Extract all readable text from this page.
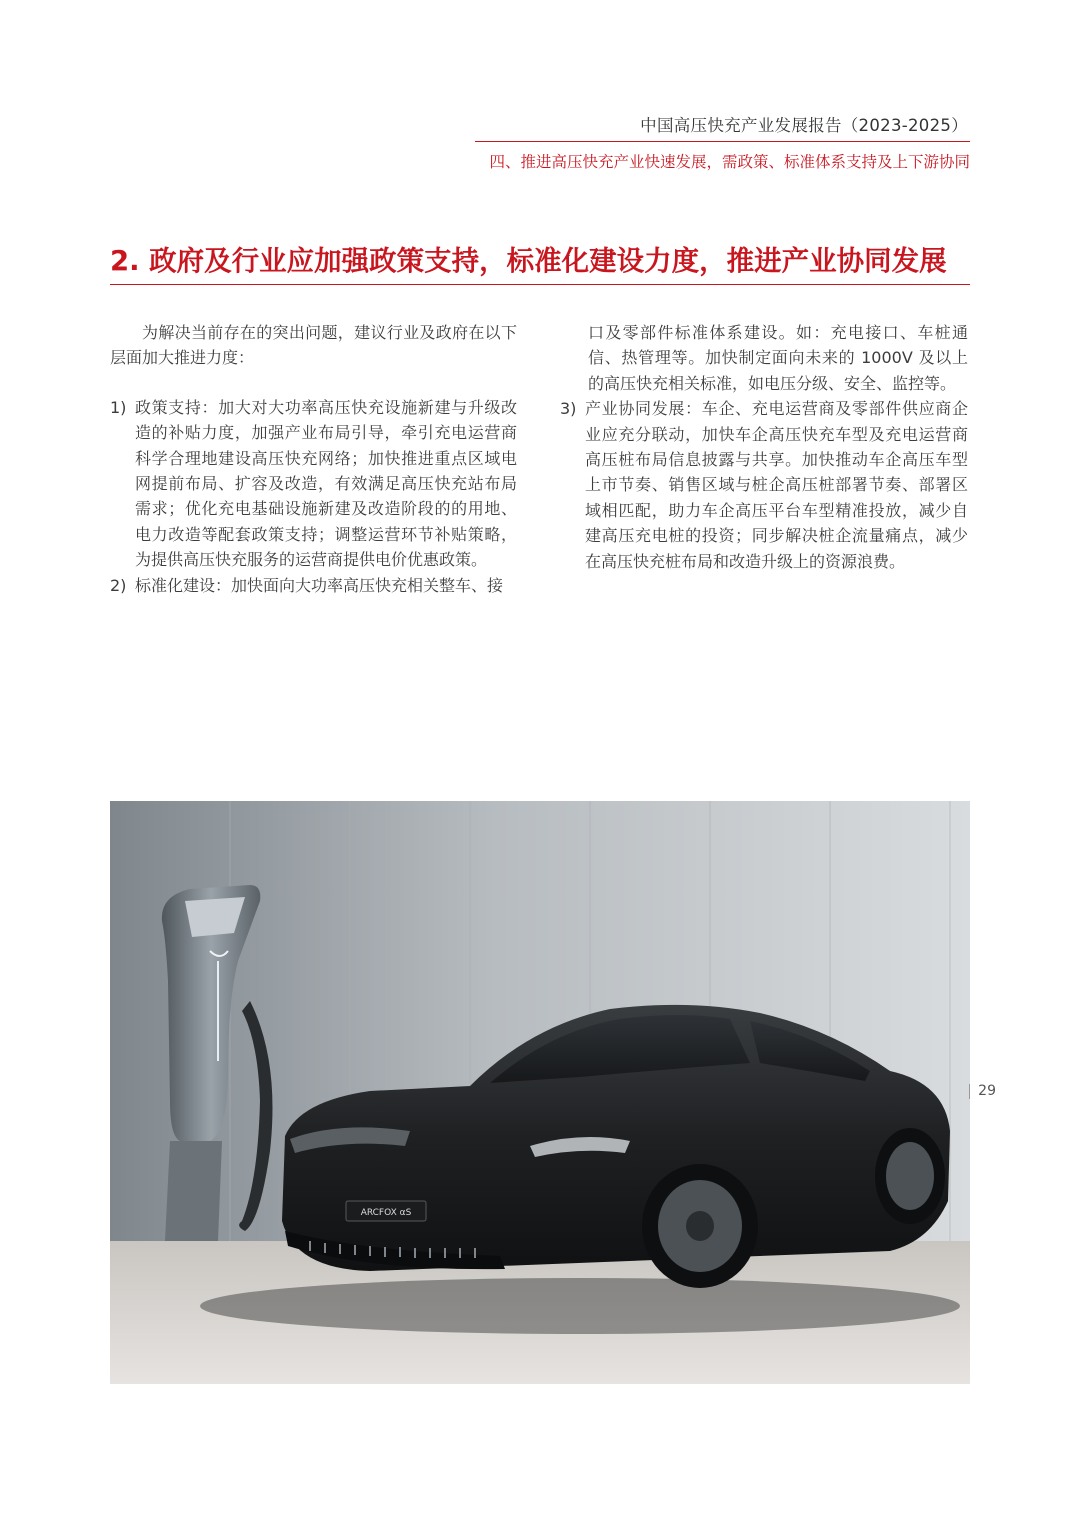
中国高压快充产业发展报告（2023-2025）
四、推进高压快充产业快速发展，需政策、标准体系支持及上下游协同
2. 政府及行业应加强政策支持，标准化建设力度，推进产业协同发展

为解决当前存在的突出问题，建议行业及政府在以下层面加大推进力度：

1) 政策支持：加大对大功率高压快充设施新建与升级改造的补贴力度，加强产业布局引导，牵引充电运营商科学合理地建设高压快充网络；加快推进重点区域电网提前布局、扩容及改造，有效满足高压快充站布局需求；优化充电基础设施新建及改造阶段的的用地、电力改造等配套政策支持；调整运营环节补贴策略，为提供高压快充服务的运营商提供电价优惠政策。
2) 标准化建设：加快面向大功率高压快充相关整车、接

口及零部件标准体系建设。如：充电接口、车桩通信、热管理等。加快制定面向未来的 1000V 及以上的高压快充相关标准，如电压分级、安全、监控等。

3) 产业协同发展：车企、充电运营商及零部件供应商企业应充分联动，加快车企高压快充车型及充电运营商高压桩布局信息披露与共享。加快推动车企高压车型上市节奏、销售区域与桩企高压桩部署节奏、部署区域相匹配，助力车企高压平台车型精准投放，减少自建高压充电桩的投资；同步解决桩企流量痛点，减少在高压快充桩布局和改造升级上的资源浪费。
ARCFOX αS
29
